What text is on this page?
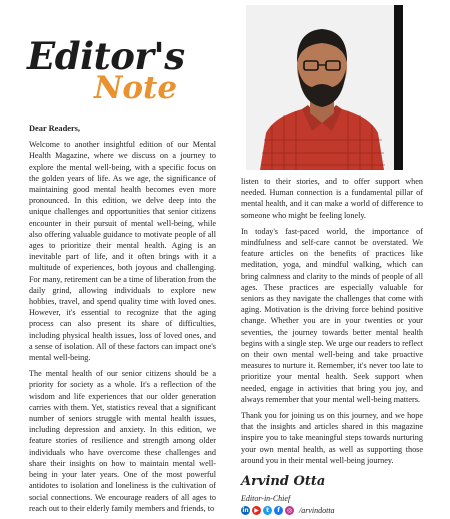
Editor's
Note

Dear Readers,

Welcome to another insightful edition of our Mental Health Magazine, where we discuss on a journey to explore the mental well-being, with a specific focus on the golden years of life. As we age, the significance of maintaining good mental health becomes even more pronounced. In this edition, we delve deep into the unique challenges and opportunities that senior citizens encounter in their pursuit of mental well-being, while also offering valuable guidance to motivate people of all ages to prioritize their mental health. Aging is an inevitable part of life, and it often brings with it a multitude of experiences, both joyous and challenging. For many, retirement can be a time of liberation from the daily grind, allowing individuals to explore new hobbies, travel, and spend quality time with loved ones. However, it's essential to recognize that the aging process can also present its share of difficulties, including physical health issues, loss of loved ones, and a sense of isolation. All of these factors can impact one's mental well-being.

The mental health of our senior citizens should be a priority for society as a whole. It's a reflection of the wisdom and life experiences that our older generation carries with them. Yet, statistics reveal that a significant number of seniors struggle with mental health issues, including depression and anxiety. In this edition, we feature stories of resilience and strength among older individuals who have overcome these challenges and share their insights on how to maintain mental well-being in your later years. One of the most powerful antidotes to isolation and loneliness is the cultivation of social connections. We encourage readers of all ages to reach out to their elderly family members and friends, to

listen to their stories, and to offer support when needed. Human connection is a fundamental pillar of mental health, and it can make a world of difference to someone who might be feeling lonely.

In today's fast-paced world, the importance of mindfulness and self-care cannot be overstated. We feature articles on the benefits of practices like meditation, yoga, and mindful walking, which can bring calmness and clarity to the minds of people of all ages. These practices are especially valuable for seniors as they navigate the challenges that come with aging. Motivation is the driving force behind positive change. Whether you are in your twenties or your seventies, the journey towards better mental health begins with a single step. We urge our readers to reflect on their own mental well-being and take proactive measures to nurture it. Remember, it's never too late to prioritize your mental health. Seek support when needed, engage in activities that bring you joy, and always remember that your mental well-being matters.

Thank you for joining us on this journey, and we hope that the insights and articles shared in this magazine inspire you to take meaningful steps towards nurturing your own mental health, as well as supporting those around you in their mental well-being journey.

Arvind Otta
Editor-in-Chief
in ▶	t	f	◎ /arvindotta
